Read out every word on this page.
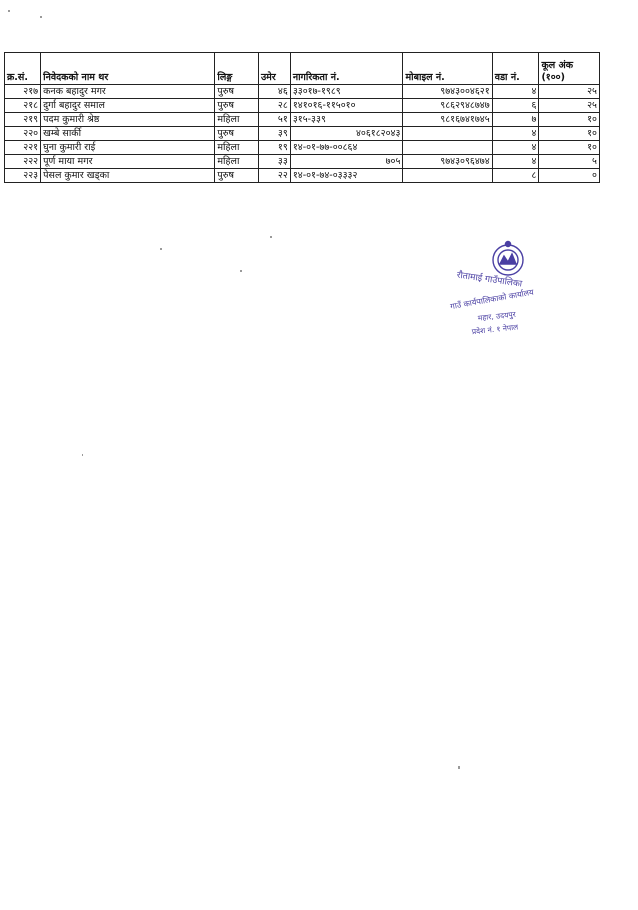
क्र.सं.	निवेदकको नाम थर	लिङ्ग	उमेर	नागरिकता नं.	मोबाइल नं.	वडा नं.	कूल अंक (१००)
२१७	कनक बहादुर मगर	पुरुष	४६	३३०१७-१९८९	९७४३००४६२१	४	२५
२१८	दुर्गा बहादुर समाल	पुरुष	२८	१४१०१६-११५०१०	९८६२९४८७४७	६	२५
२१९	पदम कुमारी श्रेष्ठ	महिला	५१	३१५-३३९	९८१६७४१७४५	७	१०
२२०	खम्बे सार्की	पुरुष	३९	४०६१८२०४३		४	१०
२२१	घुना कुमारी राई	महिला	१९	१४-०१-७७-००८६४		४	१०
२२२	पूर्ण माया मगर	महिला	३३	७०५	९७४३०९६४७४	४	५
२२३	पेसल कुमार खड्का	पुरुष	२२	१४-०१-७४-०३३३२		८	०
रौतामाई गाउँपालिका
गाउँ कार्यपालिकाको कार्यालय
महार, उदयपुर
प्रदेश नं. १ नेपाल
